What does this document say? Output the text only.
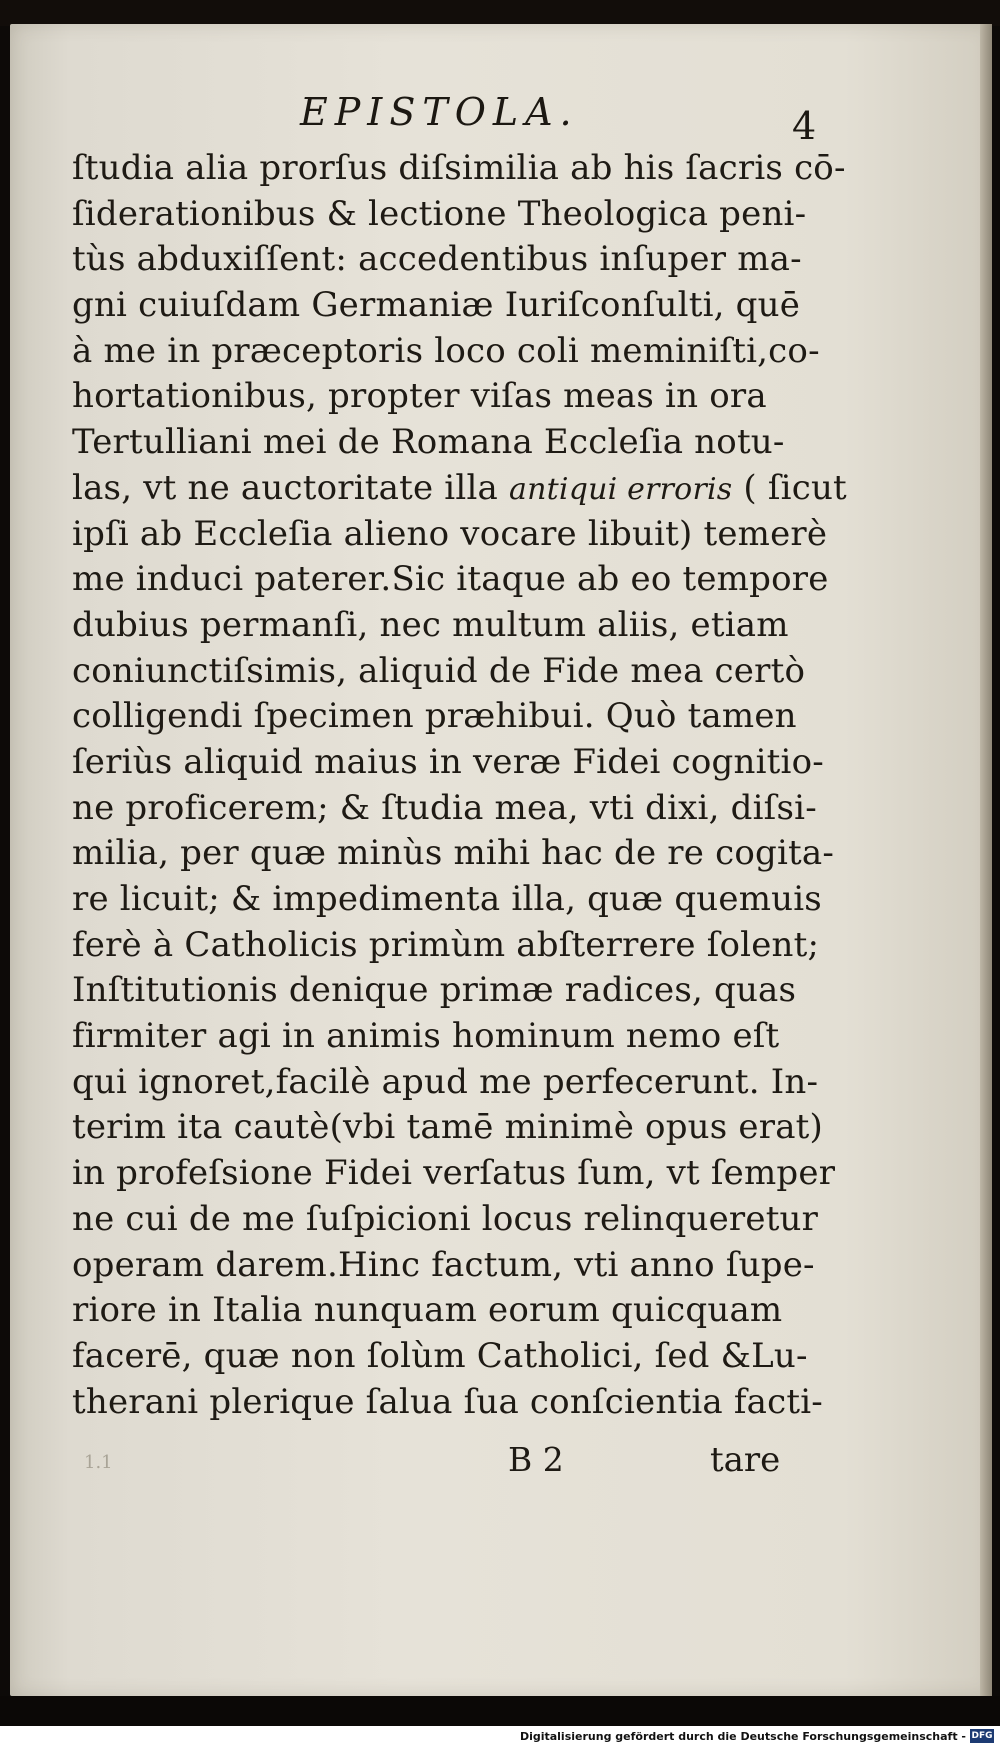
EPISTOLA.	4
ſtudia alia prorſus diſsimilia ab his ſacris cō-
ſiderationibus & lectione Theologica peni-
tùs abduxiſſent: accedentibus inſuper ma-
gni cuiuſdam Germaniæ Iuriſconſulti, quē
à me in præceptoris loco coli meminiſti,co-
hortationibus, propter viſas meas in ora
Tertulliani mei de Romana Eccleſia notu-
las, vt ne auctoritate illa antiqui erroris ( ſicut
ipſi ab Eccleſia alieno vocare libuit) temerè
me induci paterer.Sic itaque ab eo tempore
dubius permanſi, nec multum aliis, etiam
coniunctiſsimis, aliquid de Fide mea certò
colligendi ſpecimen præhibui. Quò tamen
ſeriùs aliquid maius in veræ Fidei cognitio-
ne proficerem; & ſtudia mea, vti dixi, diſsi-
milia, per quæ minùs mihi hac de re cogita-
re licuit; & impedimenta illa, quæ quemuis
ferè à Catholicis primùm abſterrere ſolent;
Inſtitutionis denique primæ radices, quas
firmiter agi in animis hominum nemo eſt
qui ignoret,facilè apud me perfecerunt. In-
terim ita cautè(vbi tamē minimè opus erat)
in profeſsione Fidei verſatus ſum, vt ſemper
ne cui de me ſuſpicioni locus relinqueretur
operam darem.Hinc factum, vti anno ſupe-
riore in Italia nunquam eorum quicquam
facerē, quæ non ſolùm Catholici, ſed &Lu-
therani plerique ſalua ſua conſcientia facti-
1.1	B 2	tare
Digitalisierung gefördert durch die Deutsche Forschungsgemeinschaft - DFG
